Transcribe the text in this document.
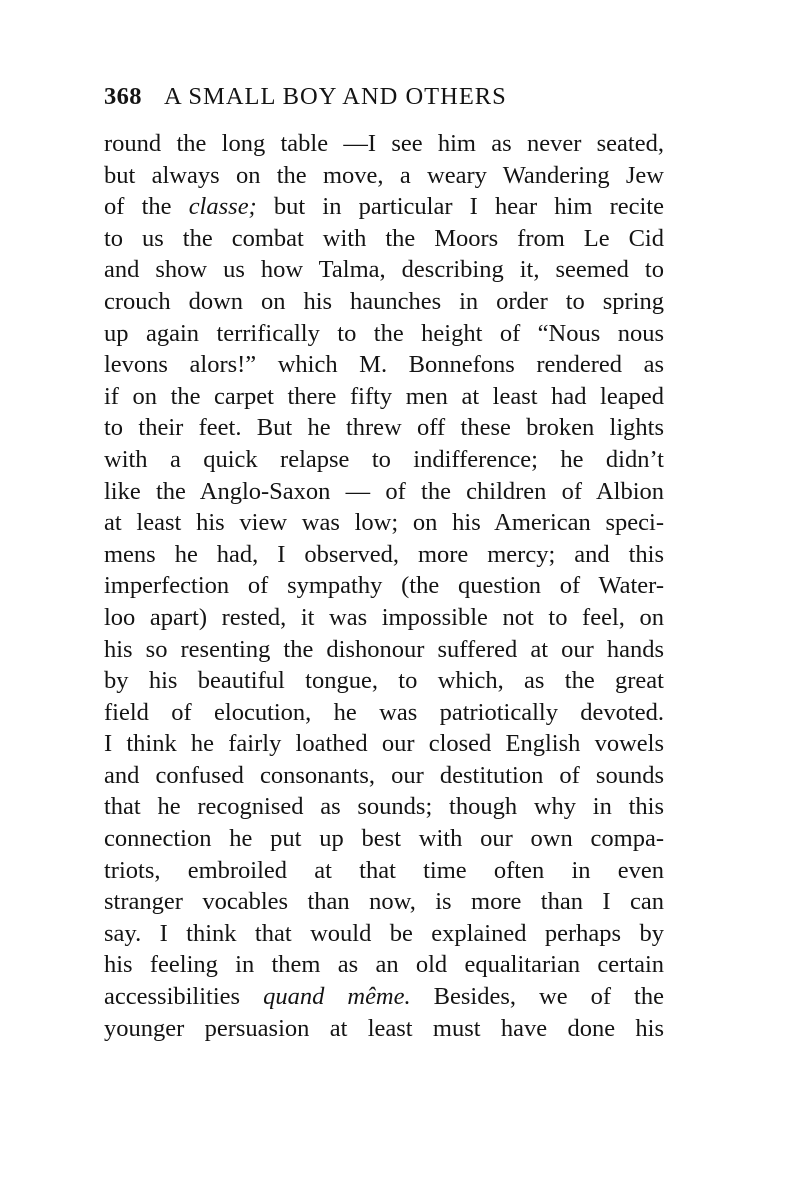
368 A SMALL BOY AND OTHERS
round the long table —I see him as never seated,
but always on the move, a weary Wandering Jew
of the classe; but in particular I hear him recite
to us the combat with the Moors from Le Cid
and show us how Talma, describing it, seemed to
crouch down on his haunches in order to spring
up again terrifically to the height of “Nous nous
levons alors!” which M. Bonnefons rendered as
if on the carpet there fifty men at least had leaped
to their feet. But he threw off these broken lights
with a quick relapse to indifference; he didn’t
like the Anglo-Saxon — of the children of Albion
at least his view was low; on his American speci-
mens he had, I observed, more mercy; and this
imperfection of sympathy (the question of Water-
loo apart) rested, it was impossible not to feel, on
his so resenting the dishonour suffered at our hands
by his beautiful tongue, to which, as the great
field of elocution, he was patriotically devoted.
I think he fairly loathed our closed English vowels
and confused consonants, our destitution of sounds
that he recognised as sounds; though why in this
connection he put up best with our own compa-
triots, embroiled at that time often in even
stranger vocables than now, is more than I can
say. I think that would be explained perhaps by
his feeling in them as an old equalitarian certain
accessibilities quand même. Besides, we of the
younger persuasion at least must have done his
